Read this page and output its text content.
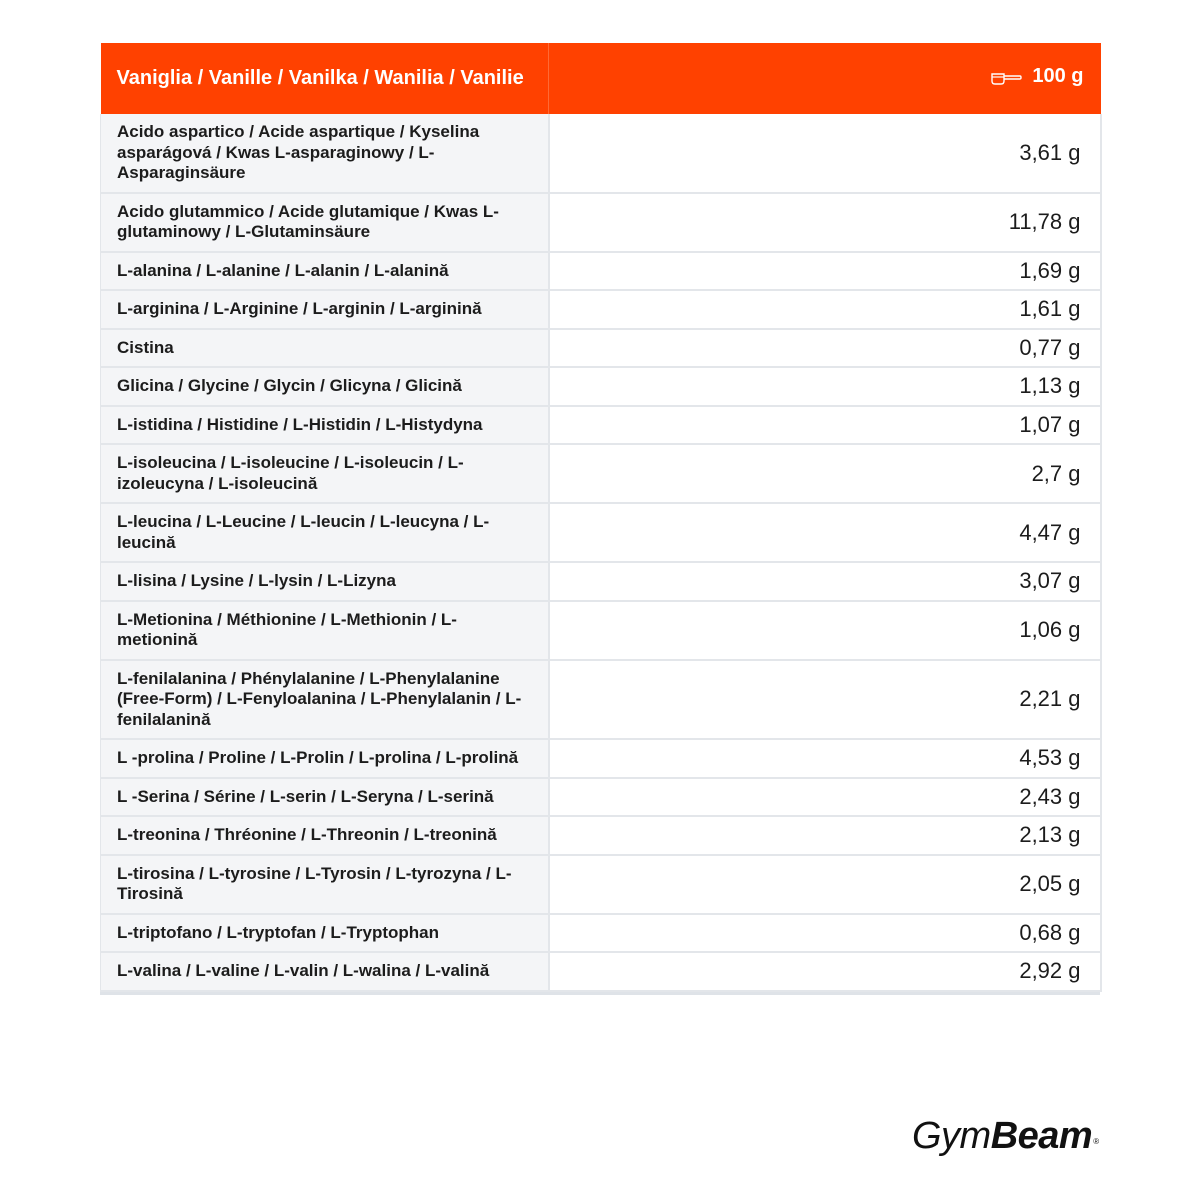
Vaniglia / Vanille / Vanilka / Wanilia / Vanilie	100 g

Acido aspartico / Acide aspartique / Kyselina asparágová / Kwas L-asparaginowy / L-Asparaginsäure	3,61 g
Acido glutammico / Acide glutamique / Kwas L-glutaminowy / L-Glutaminsäure	11,78 g
L-alanina / L-alanine / L-alanin / L-alanină	1,69 g
L-arginina / L-Arginine / L-arginin / L-arginină	1,61 g
Cistina	0,77 g
Glicina / Glycine / Glycin / Glicyna / Glicină	1,13 g
L-istidina / Histidine / L-Histidin / L-Histydyna	1,07 g
L-isoleucina / L-isoleucine / L-isoleucin / L-izoleucyna / L-isoleucină	2,7 g
L-leucina / L-Leucine / L-leucin / L-leucyna / L-leucină	4,47 g
L-lisina / Lysine / L-lysin / L-Lizyna	3,07 g
L-Metionina / Méthionine / L-Methionin / L-metionină	1,06 g
L-fenilalanina / Phénylalanine / L-Phenylalanine (Free-Form) / L-Fenyloalanina / L-Phenylalanin / L-fenilalanină	2,21 g
L -prolina / Proline / L-Prolin / L-prolina / L-prolină	4,53 g
L -Serina / Sérine / L-serin / L-Seryna / L-serină	2,43 g
L-treonina / Thréonine / L-Threonin / L-treonină	2,13 g
L-tirosina / L-tyrosine / L-Tyrosin / L-tyrozyna / L-Tirosină	2,05 g
L-triptofano / L-tryptofan / L-Tryptophan	0,68 g
L-valina / L-valine / L-valin / L-walina / L-valină	2,92 g
GymBeam®
